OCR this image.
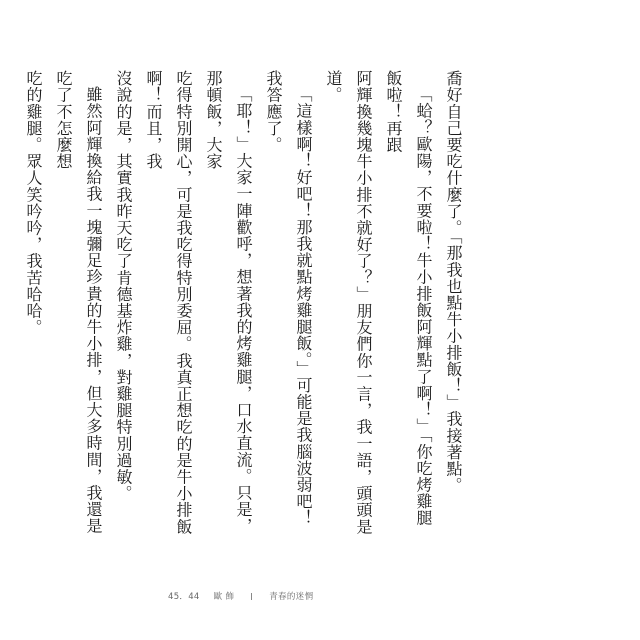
喬好自己要吃什麼了。「那我也點牛小排飯！」我接著點。

「蛤？歐陽，不要啦！牛小排飯阿輝點了啊！」「你吃烤雞腿飯啦！再跟
阿輝換幾塊牛小排不就好了？」朋友們你一言，我一語，頭頭是道。

「這樣啊！好吧！那我就點烤雞腿飯。」可能是我腦波弱吧！我答應了。

「耶！」大家一陣歡呼，想著我的烤雞腿，口水直流。只是，那頓飯，大家
吃得特別開心，可是我吃得特別委屈。我真正想吃的是牛小排飯啊！而且，我
沒說的是，其實我昨天吃了肯德基炸雞，對雞腿特別過敏。

雖然阿輝換給我一塊彌足珍貴的牛小排，但大多時間，我還是吃了不怎麼想
吃的雞腿。眾人笑吟吟，我苦哈哈。

45．44 歐 飾	青春的迷惘
